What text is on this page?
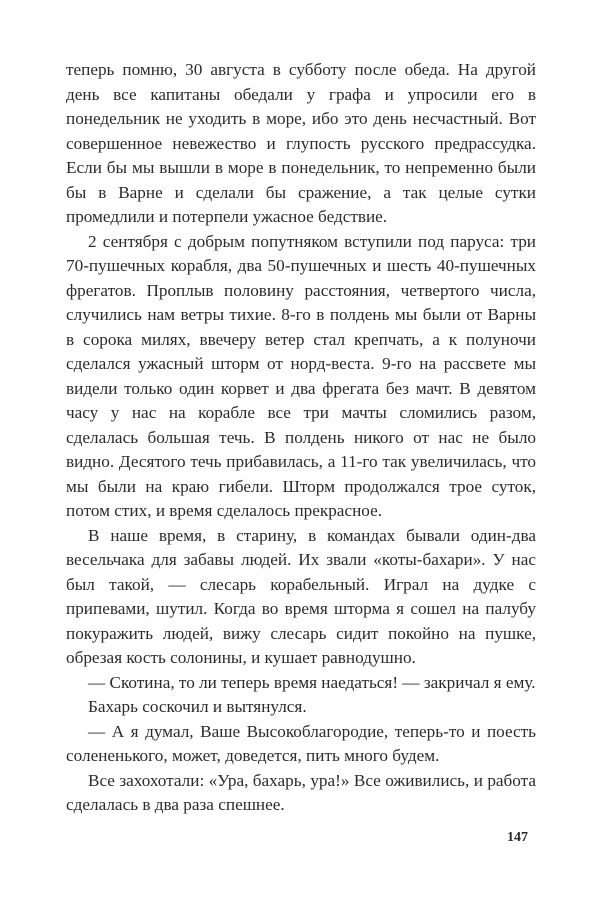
теперь помню, 30 августа в субботу после обеда. На другой день все капитаны обедали у графа и упросили его в понедельник не уходить в море, ибо это день несчастный. Вот совершенное невежество и глупость русского предрассудка. Если бы мы вышли в море в понедельник, то непременно были бы в Варне и сделали бы сражение, а так целые сутки промедлили и потерпели ужасное бедствие.

2 сентября с добрым попутняком вступили под паруса: три 70-пушечных корабля, два 50-пушечных и шесть 40-пушечных фрегатов. Проплыв половину расстояния, четвертого числа, случились нам ветры тихие. 8-го в полдень мы были от Варны в сорока милях, ввечеру ветер стал крепчать, а к полуночи сделался ужасный шторм от норд-веста. 9-го на рассвете мы видели только один корвет и два фрегата без мачт. В девятом часу у нас на корабле все три мачты сломились разом, сделалась большая течь. В полдень никого от нас не было видно. Десятого течь прибавилась, а 11-го так увеличилась, что мы были на краю гибели. Шторм продолжался трое суток, потом стих, и время сделалось прекрасное.

В наше время, в старину, в командах бывали один-два весельчака для забавы людей. Их звали «коты-бахари». У нас был такой, — слесарь корабельный. Играл на дудке с припевами, шутил. Когда во время шторма я сошел на палубу покуражить людей, вижу слесарь сидит покойно на пушке, обрезая кость солонины, и кушает равнодушно.

— Скотина, то ли теперь время наедаться! — закричал я ему.

Бахарь соскочил и вытянулся.

— А я думал, Ваше Высокоблагородие, теперь-то и поесть солененького, может, доведется, пить много будем.

Все захохотали: «Ура, бахарь, ура!» Все оживились, и работа сделалась в два раза спешнее.

147
